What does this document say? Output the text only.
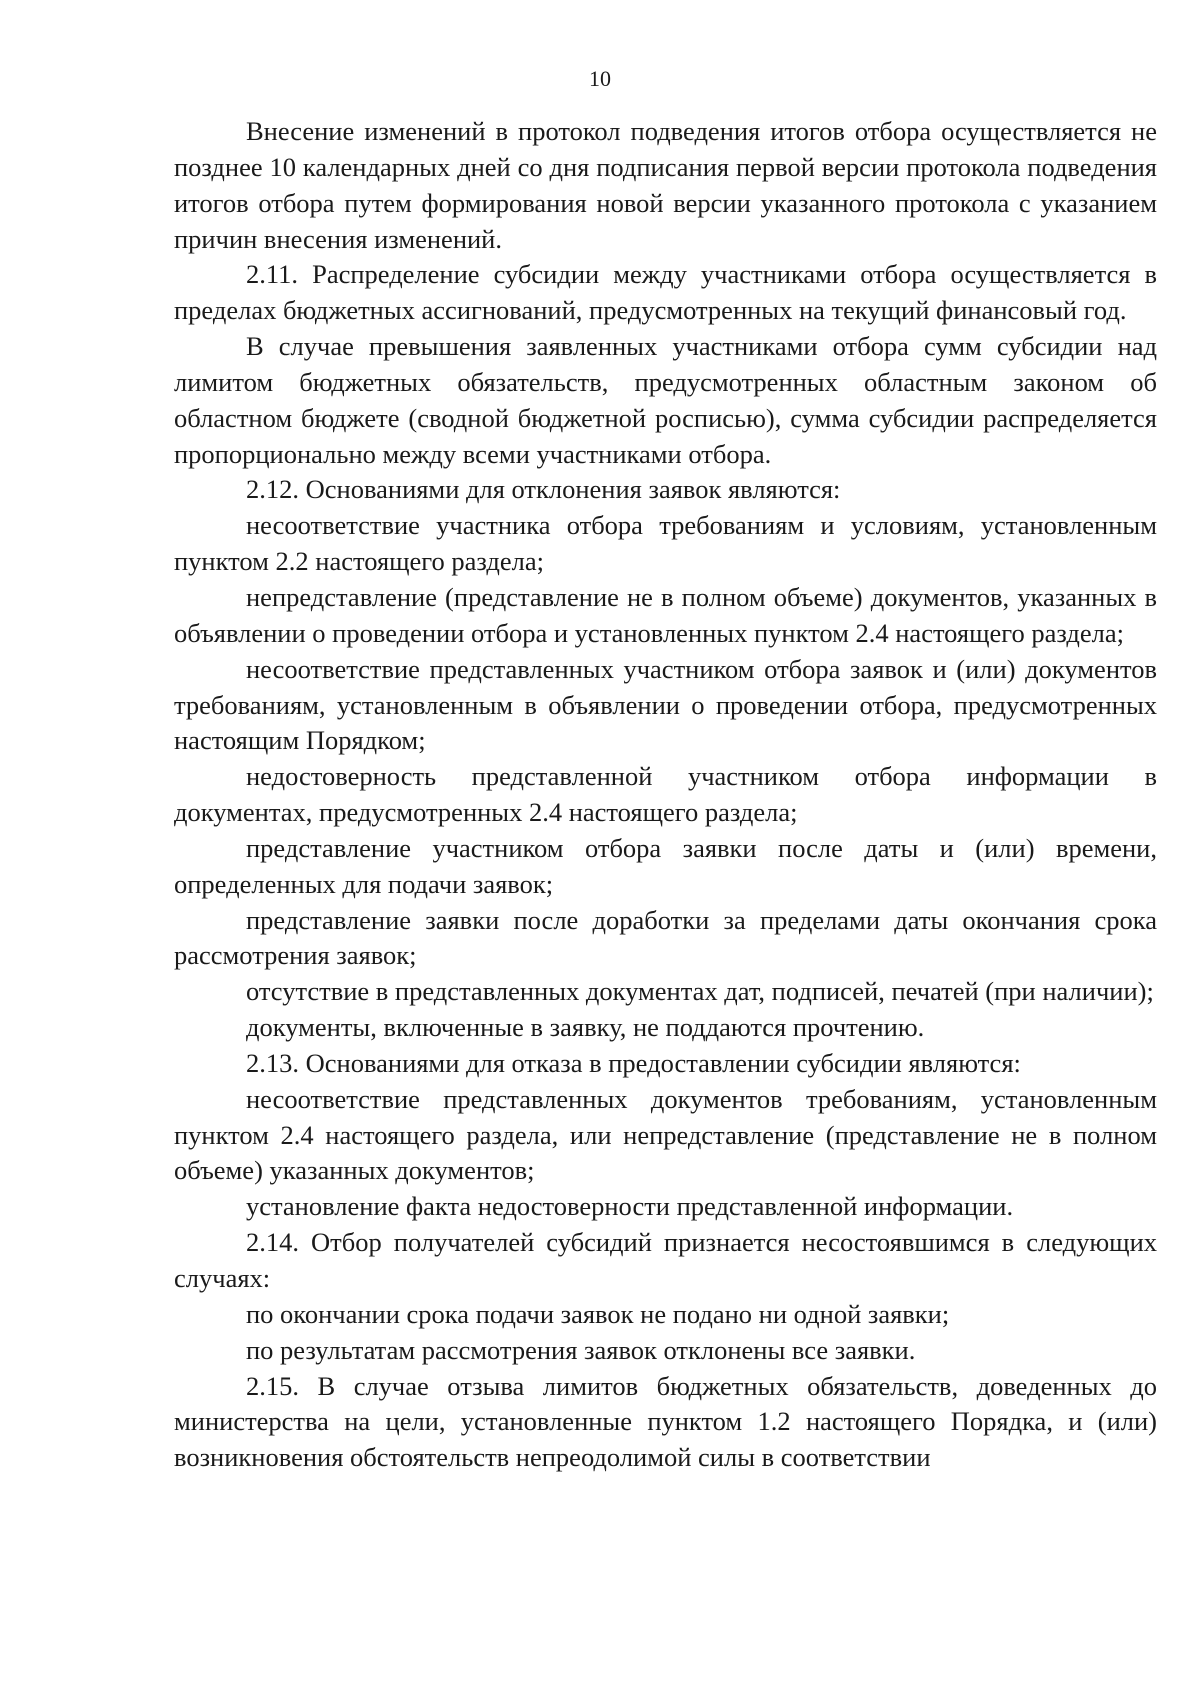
10

Внесение изменений в протокол подведения итогов отбора осуществляется не позднее 10 календарных дней со дня подписания первой версии протокола подведения итогов отбора путем формирования новой версии указанного протокола с указанием причин внесения изменений.

2.11. Распределение субсидии между участниками отбора осуществляется в пределах бюджетных ассигнований, предусмотренных на текущий финансовый год.

В случае превышения заявленных участниками отбора сумм субсидии над лимитом бюджетных обязательств, предусмотренных областным законом об областном бюджете (сводной бюджетной росписью), сумма субсидии распределяется пропорционально между всеми участниками отбора.

2.12. Основаниями для отклонения заявок являются:

несоответствие участника отбора требованиям и условиям, установленным пунктом 2.2 настоящего раздела;

непредставление (представление не в полном объеме) документов, указанных в объявлении о проведении отбора и установленных пунктом 2.4 настоящего раздела;

несоответствие представленных участником отбора заявок и (или) документов требованиям, установленным в объявлении о проведении отбора, предусмотренных настоящим Порядком;

недостоверность представленной участником отбора информации в документах, предусмотренных 2.4 настоящего раздела;

представление участником отбора заявки после даты и (или) времени, определенных для подачи заявок;

представление заявки после доработки за пределами даты окончания срока рассмотрения заявок;

отсутствие в представленных документах дат, подписей, печатей (при наличии);

документы, включенные в заявку, не поддаются прочтению.

2.13. Основаниями для отказа в предоставлении субсидии являются:

несоответствие представленных документов требованиям, установленным пунктом 2.4 настоящего раздела, или непредставление (представление не в полном объеме) указанных документов;

установление факта недостоверности представленной информации.

2.14. Отбор получателей субсидий признается несостоявшимся в следующих случаях:

по окончании срока подачи заявок не подано ни одной заявки;

по результатам рассмотрения заявок отклонены все заявки.

2.15. В случае отзыва лимитов бюджетных обязательств, доведенных до министерства на цели, установленные пунктом 1.2 настоящего Порядка, и (или) возникновения обстоятельств непреодолимой силы в соответствии
